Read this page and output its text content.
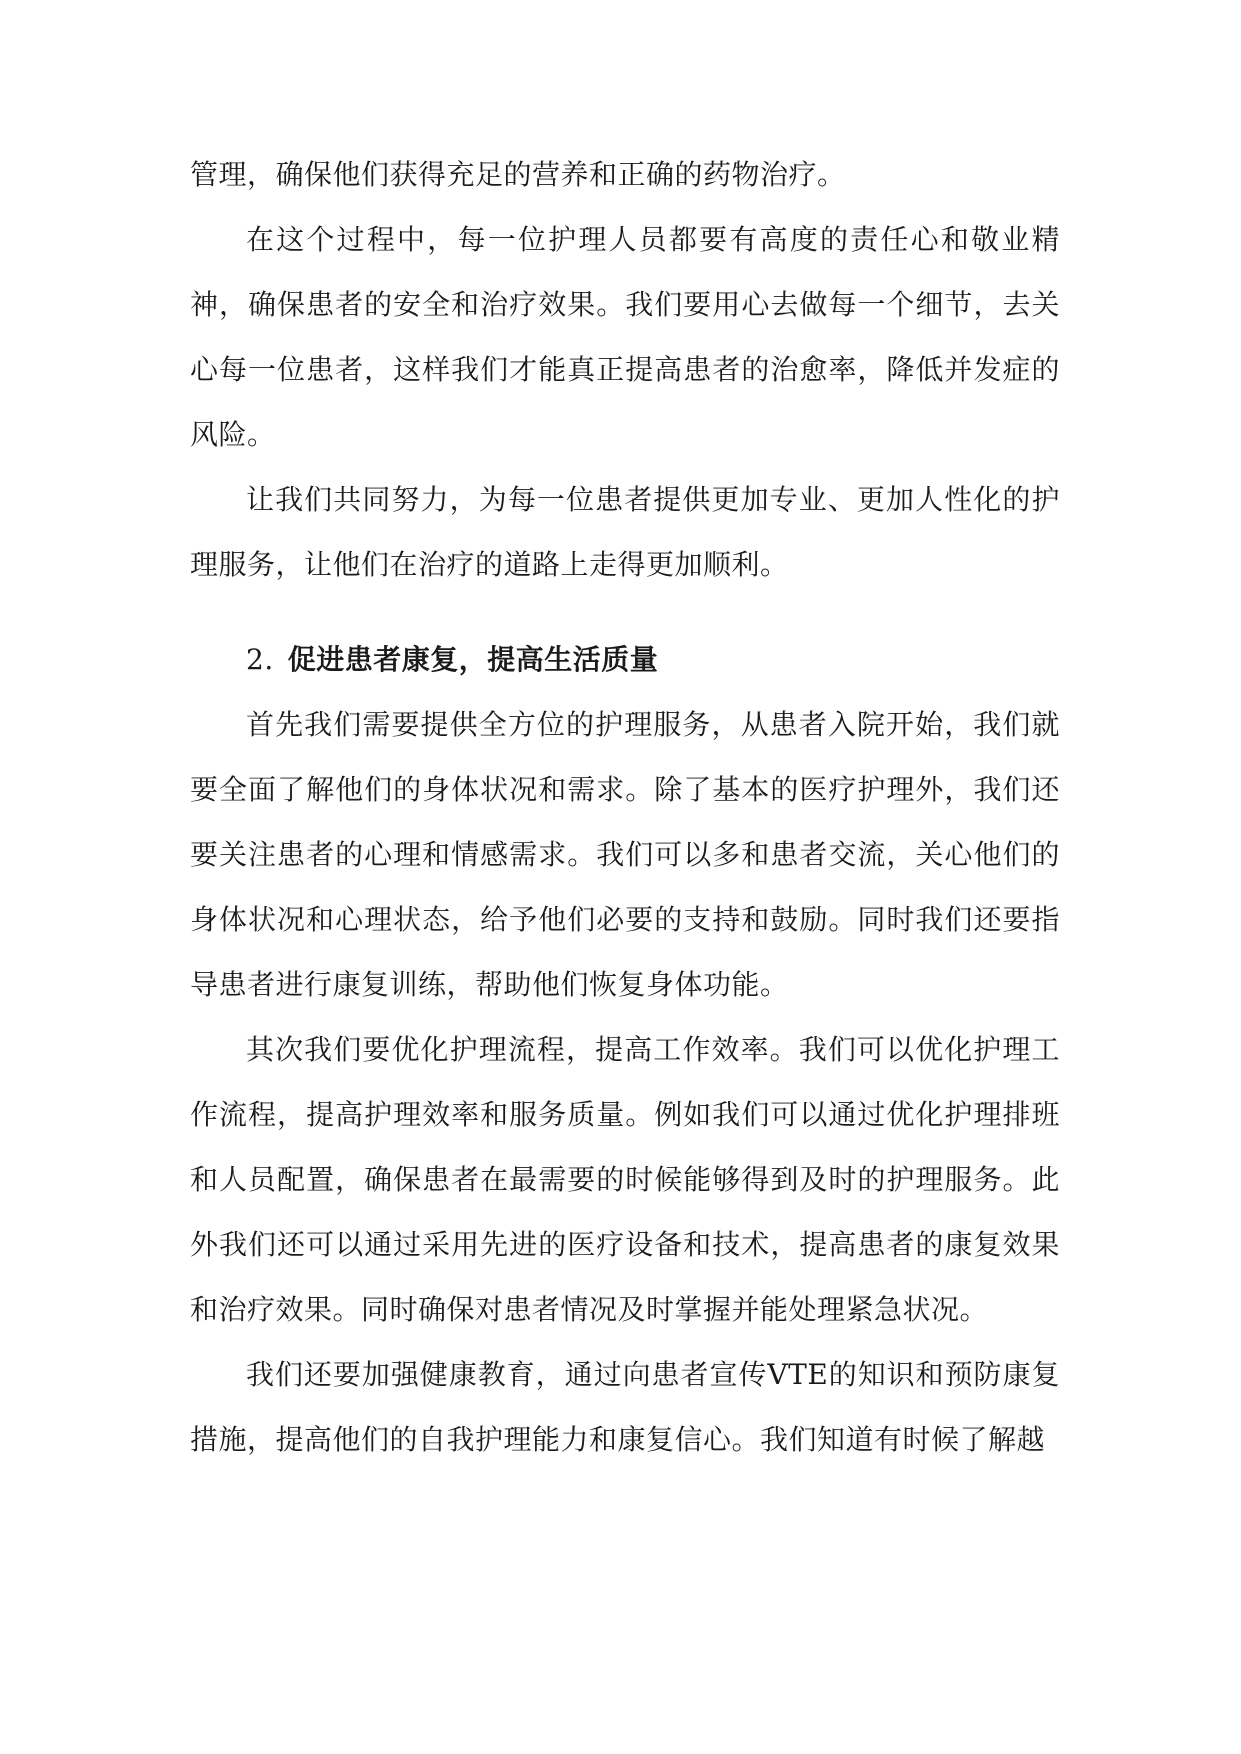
管理，确保他们获得充足的营养和正确的药物治疗。

在这个过程中，每一位护理人员都要有高度的责任心和敬业精神，确保患者的安全和治疗效果。我们要用心去做每一个细节，去关心每一位患者，这样我们才能真正提高患者的治愈率，降低并发症的风险。

让我们共同努力，为每一位患者提供更加专业、更加人性化的护理服务，让他们在治疗的道路上走得更加顺利。

2. 促进患者康复，提高生活质量

首先我们需要提供全方位的护理服务，从患者入院开始，我们就要全面了解他们的身体状况和需求。除了基本的医疗护理外，我们还要关注患者的心理和情感需求。我们可以多和患者交流，关心他们的身体状况和心理状态，给予他们必要的支持和鼓励。同时我们还要指导患者进行康复训练，帮助他们恢复身体功能。

其次我们要优化护理流程，提高工作效率。我们可以优化护理工作流程，提高护理效率和服务质量。例如我们可以通过优化护理排班和人员配置，确保患者在最需要的时候能够得到及时的护理服务。此外我们还可以通过采用先进的医疗设备和技术，提高患者的康复效果和治疗效果。同时确保对患者情况及时掌握并能处理紧急状况。

我们还要加强健康教育，通过向患者宣传VTE的知识和预防康复措施，提高他们的自我护理能力和康复信心。我们知道有时候了解越
